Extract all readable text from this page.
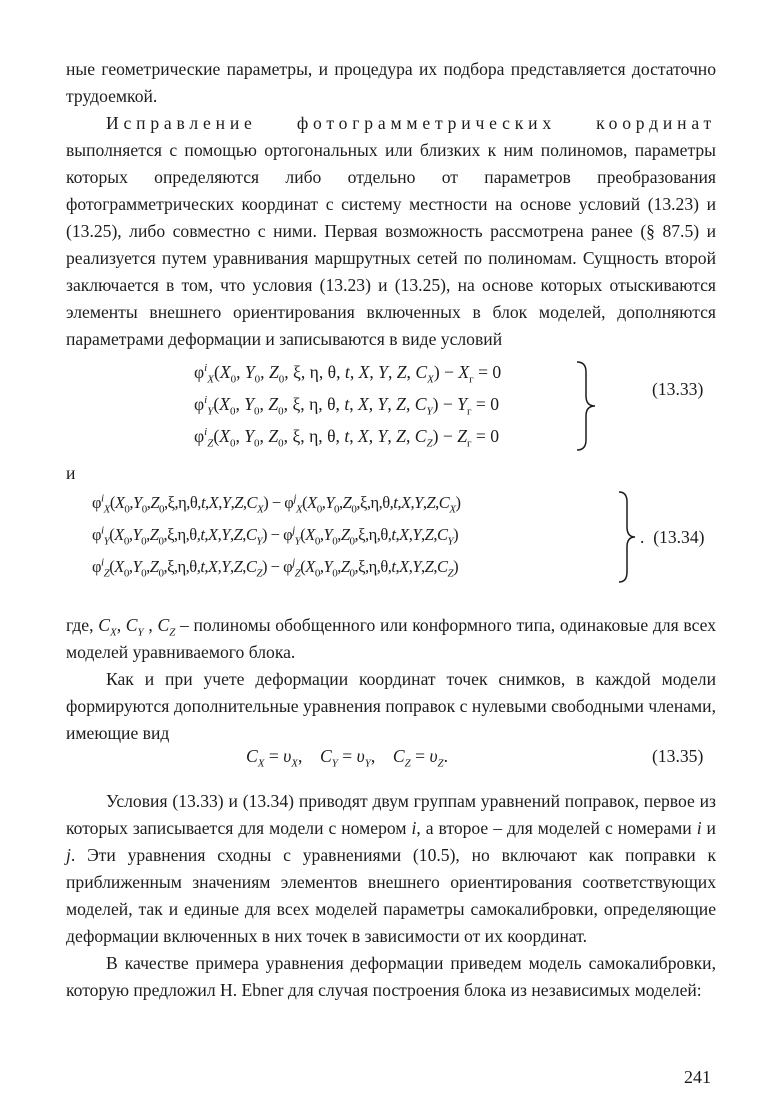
ные геометрические параметры, и процедура их подбора представляется достаточно трудоемкой.

Исправление фотограмметрических координат выполняется с помощью ортогональных или близких к ним полиномов, параметры которых определяются либо отдельно от параметров преобразования фотограмметрических координат с систему местности на основе условий (13.23) и (13.25), либо совместно с ними. Первая возможность рассмотрена ранее (§ 87.5) и реализуется путем уравнивания маршрутных сетей по полиномам. Сущность второй заключается в том, что условия (13.23) и (13.25), на основе которых отыскиваются элементы внешнего ориентирования включенных в блок моделей, дополняются параметрами деформации и записываются в виде условий

$\varphi^i_X(X_0$, $Y_0$, $Z_0$, ξ, η, θ, t, X, Y, Z, $C_X) - X_г = 0$
$\varphi^i_Y(X_0$, $Y_0$, $Z_0$, ξ, η, θ, t, X, Y, Z, $C_Y) - Y_г = 0$
$\varphi^i_Z(X_0$, $Y_0$, $Z_0$, ξ, η, θ, t, X, Y, Z, $C_Z) - Z_г = 0$
(13.33)
и
$\varphi^i_X(X_0,Y_0,Z_0,\xi,\eta,\theta,t,X,Y,Z,C_X) - \varphi^j_X(X_0,Y_0,Z_0,\xi,\eta,\theta,t,X,Y,Z,C_X)$
$\varphi^i_Y(X_0,Y_0,Z_0,\xi,\eta,\theta,t,X,Y,Z,C_Y) - \varphi^j_Y(X_0,Y_0,Z_0,\xi,\eta,\theta,t,X,Y,Z,C_Y)$
$\varphi^i_Z(X_0,Y_0,Z_0,\xi,\eta,\theta,t,X,Y,Z,C_Z) - \varphi^j_Z(X_0,Y_0,Z_0,\xi,\eta,\theta,t,X,Y,Z,C_Z)$
. (13.34)

где, $C_X$, $C_Y$ , $C_Z$ – полиномы обобщенного или конформного типа, одинаковые для всех моделей уравниваемого блока.

Как и при учете деформации координат точек снимков, в каждой модели формируются дополнительные уравнения поправок с нулевыми свободными членами, имеющие вид

$C_X = \upsilon_X$,    $C_Y = \upsilon_Y$,    $C_Z = \upsilon_Z$.	(13.35)

Условия (13.33) и (13.34) приводят двум группам уравнений поправок, первое из которых записывается для модели с номером i, а второе – для моделей с номерами i и j. Эти уравнения сходны с уравнениями (10.5), но включают как поправки к приближенным значениям элементов внешнего ориентирования соответствующих моделей, так и единые для всех моделей параметры самокалибровки, определяющие деформации включенных в них точек в зависимости от их координат.

В качестве примера уравнения деформации приведем модель самокалибровки, которую предложил H. Ebner для случая построения блока из независимых моделей:

241
